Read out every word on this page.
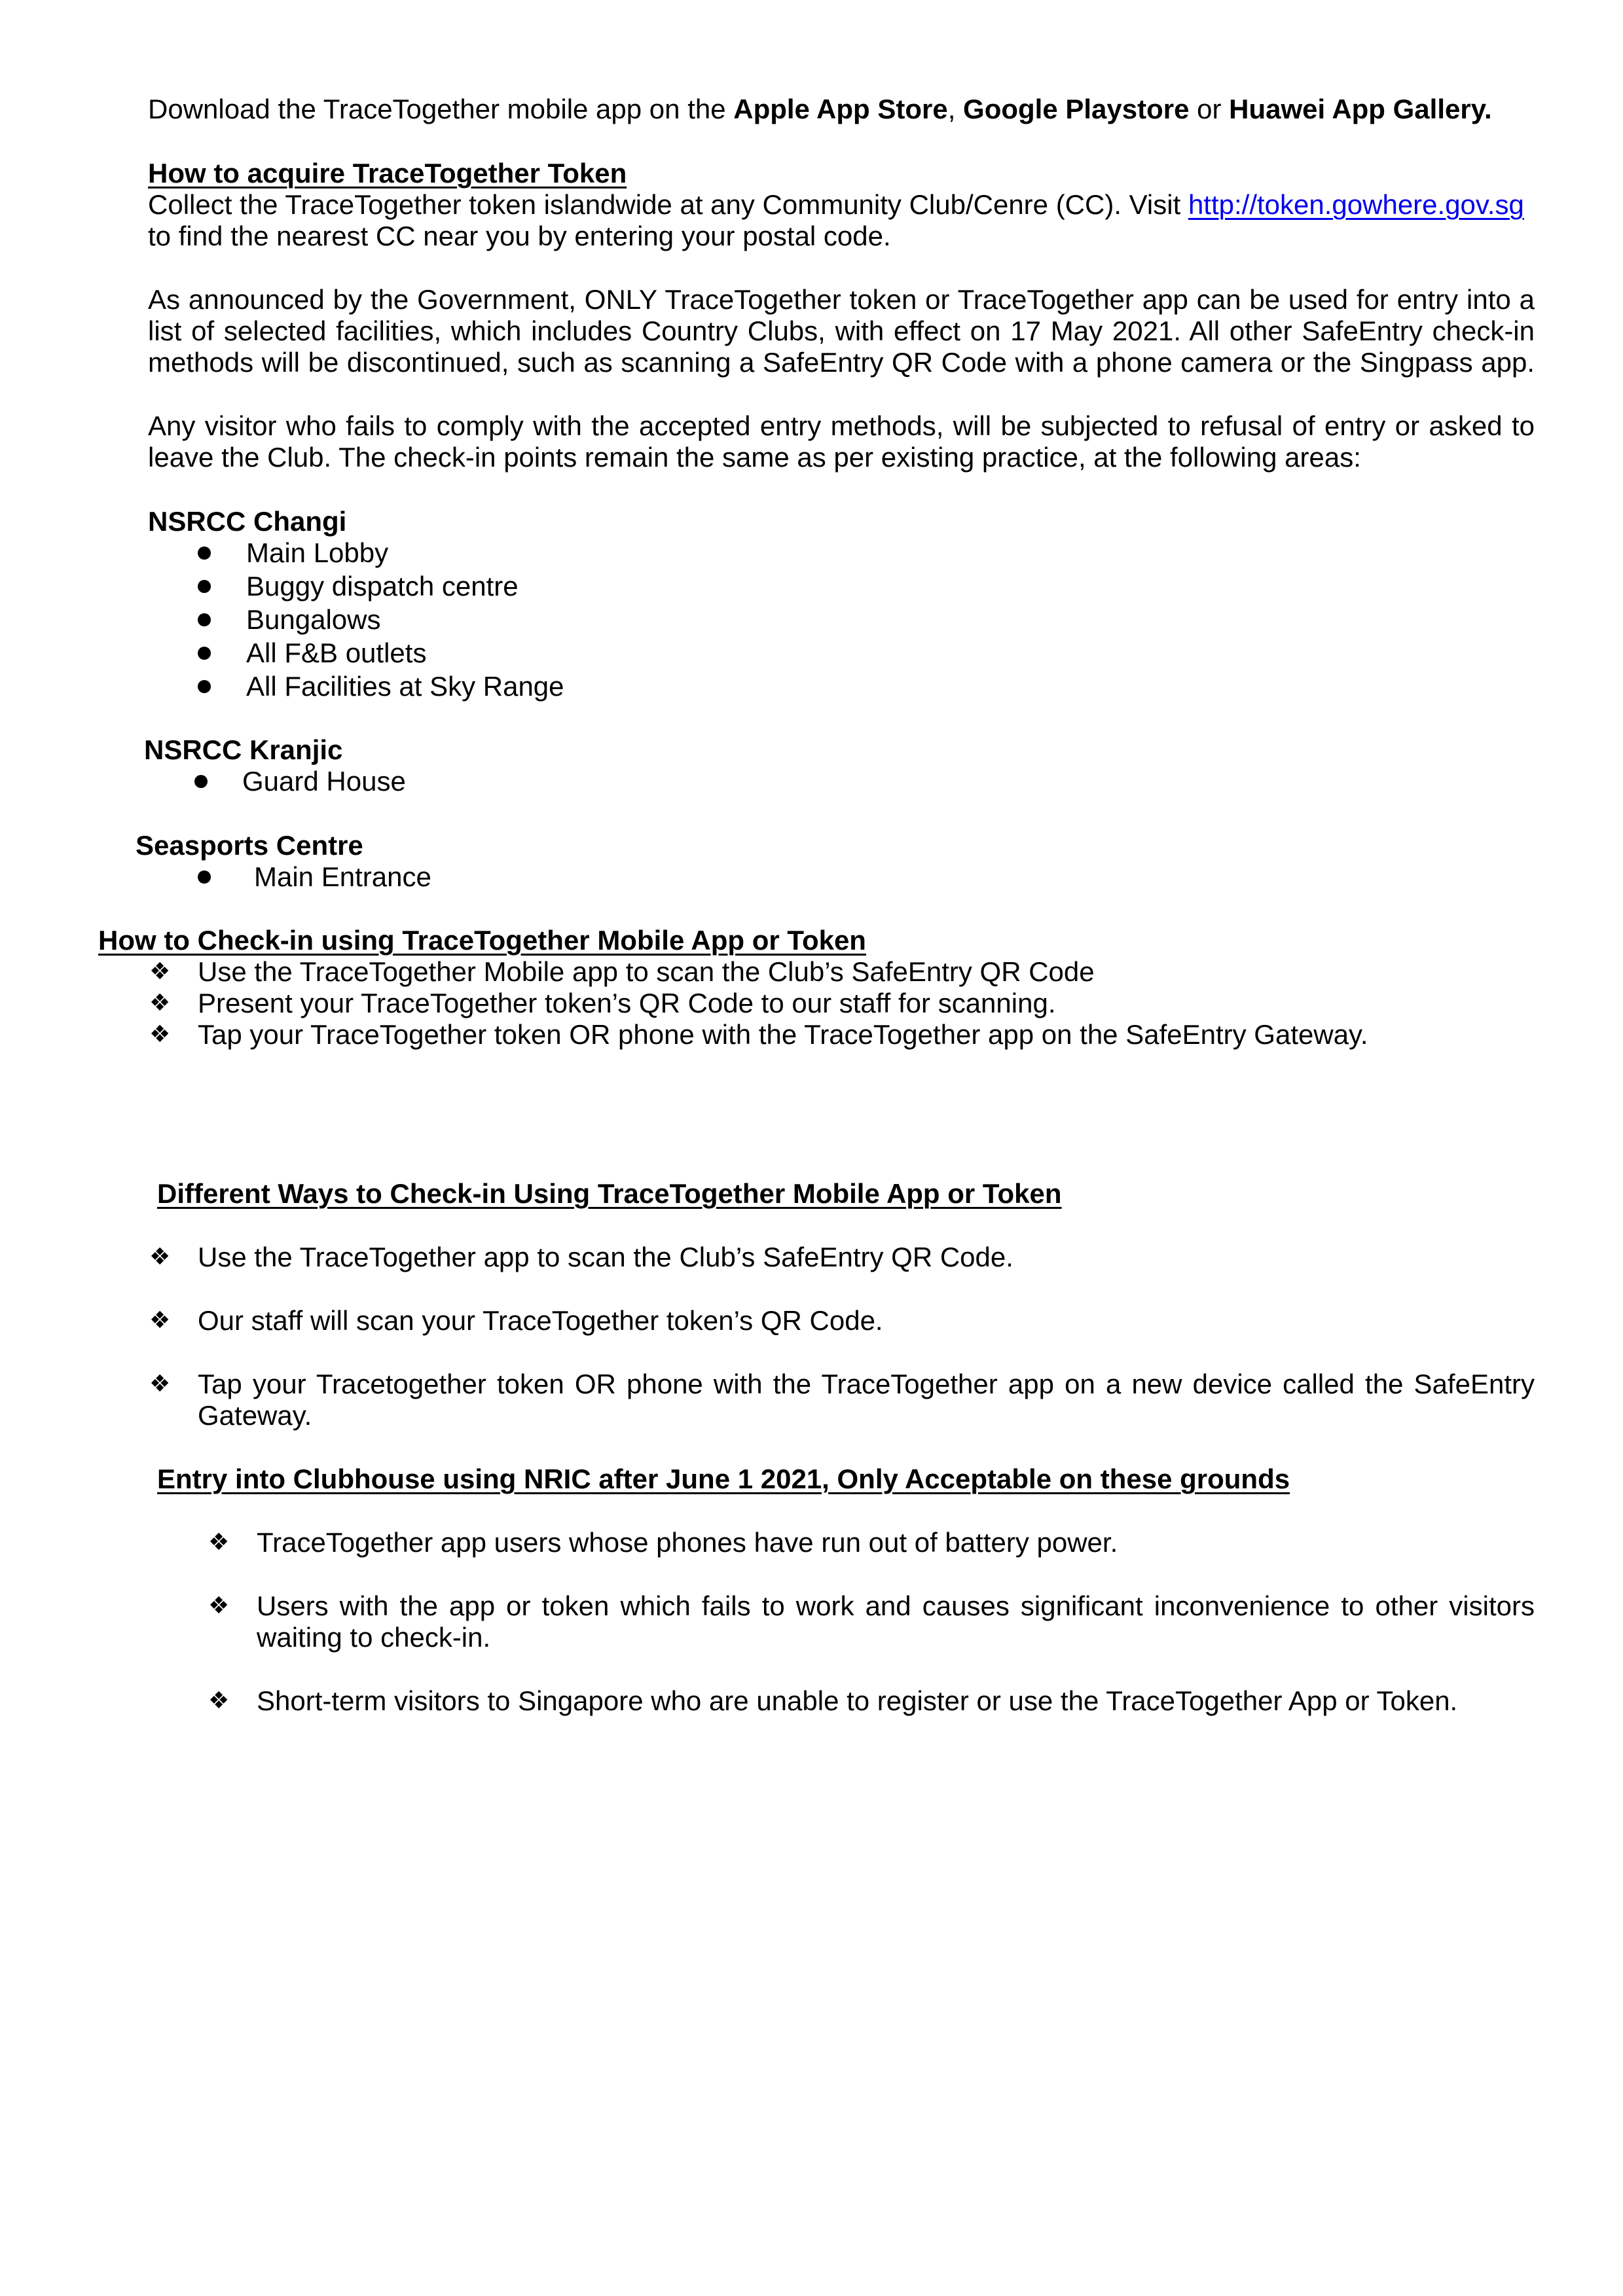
Download the TraceTogether mobile app on the Apple App Store, Google Playstore or Huawei App Gallery.
How to acquire TraceTogether Token
Collect the TraceTogether token islandwide at any Community Club/Cenre (CC). Visit http://token.gowhere.gov.sg
to find the nearest CC near you by entering your postal code.
As announced by the Government, ONLY TraceTogether token or TraceTogether app can be used for entry into a
list of selected facilities, which includes Country Clubs, with effect on 17 May 2021. All other SafeEntry check-in
methods will be discontinued, such as scanning a SafeEntry QR Code with a phone camera or the Singpass app.
Any visitor who fails to comply with the accepted entry methods, will be subjected to refusal of entry or asked to
leave the Club. The check-in points remain the same as per existing practice, at the following areas:
NSRCC Changi
Main Lobby
Buggy dispatch centre
Bungalows
All F&B outlets
All Facilities at Sky Range
NSRCC Kranjic
Guard House
Seasports Centre
Main Entrance
How to Check-in using TraceTogether Mobile App or Token
❖ Use the TraceTogether Mobile app to scan the Club’s SafeEntry QR Code
❖ Present your TraceTogether token’s QR Code to our staff for scanning.
❖ Tap your TraceTogether token OR phone with the TraceTogether app on the SafeEntry Gateway.
Different Ways to Check-in Using TraceTogether Mobile App or Token
❖ Use the TraceTogether app to scan the Club’s SafeEntry QR Code.
❖ Our staff will scan your TraceTogether token’s QR Code.
❖ Tap your Tracetogether token OR phone with the TraceTogether app on a new device called the SafeEntry
Gateway.
Entry into Clubhouse using NRIC after June 1 2021, Only Acceptable on these grounds
❖ TraceTogether app users whose phones have run out of battery power.
❖ Users with the app or token which fails to work and causes significant inconvenience to other visitors
waiting to check-in.
❖ Short-term visitors to Singapore who are unable to register or use the TraceTogether App or Token.
